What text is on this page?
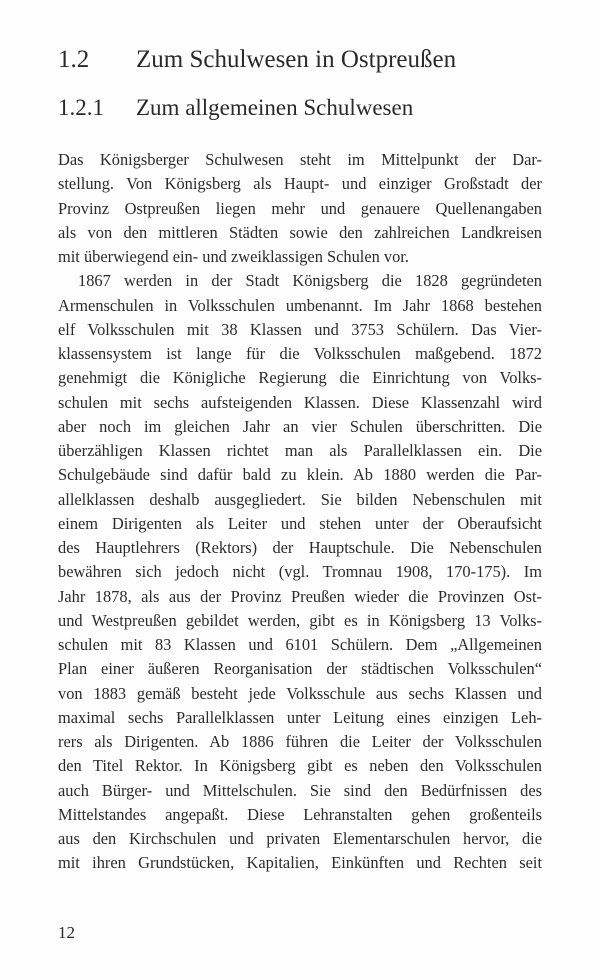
1.2 Zum Schulwesen in Ostpreußen
1.2.1 Zum allgemeinen Schulwesen

Das Königsberger Schulwesen steht im Mittelpunkt der Dar-
stellung. Von Königsberg als Haupt- und einziger Großstadt der
Provinz Ostpreußen liegen mehr und genauere Quellenangaben
als von den mittleren Städten sowie den zahlreichen Landkreisen
mit überwiegend ein- und zweiklassigen Schulen vor.

1867 werden in der Stadt Königsberg die 1828 gegründeten
Armenschulen in Volksschulen umbenannt. Im Jahr 1868 bestehen
elf Volksschulen mit 38 Klassen und 3753 Schülern. Das Vier-
klassensystem ist lange für die Volksschulen maßgebend. 1872
genehmigt die Königliche Regierung die Einrichtung von Volks-
schulen mit sechs aufsteigenden Klassen. Diese Klassenzahl wird
aber noch im gleichen Jahr an vier Schulen überschritten. Die
überzähligen Klassen richtet man als Parallelklassen ein. Die
Schulgebäude sind dafür bald zu klein. Ab 1880 werden die Par-
allelklassen deshalb ausgegliedert. Sie bilden Nebenschulen mit
einem Dirigenten als Leiter und stehen unter der Oberaufsicht
des Hauptlehrers (Rektors) der Hauptschule. Die Nebenschulen
bewähren sich jedoch nicht (vgl. Tromnau 1908, 170-175). Im
Jahr 1878, als aus der Provinz Preußen wieder die Provinzen Ost-
und Westpreußen gebildet werden, gibt es in Königsberg 13 Volks-
schulen mit 83 Klassen und 6101 Schülern. Dem „Allgemeinen
Plan einer äußeren Reorganisation der städtischen Volksschulen“
von 1883 gemäß besteht jede Volksschule aus sechs Klassen und
maximal sechs Parallelklassen unter Leitung eines einzigen Leh-
rers als Dirigenten. Ab 1886 führen die Leiter der Volksschulen
den Titel Rektor. In Königsberg gibt es neben den Volksschulen
auch Bürger- und Mittelschulen. Sie sind den Bedürfnissen des
Mittelstandes angepaßt. Diese Lehranstalten gehen großenteils
aus den Kirchschulen und privaten Elementarschulen hervor, die
mit ihren Grundstücken, Kapitalien, Einkünften und Rechten seit

12
